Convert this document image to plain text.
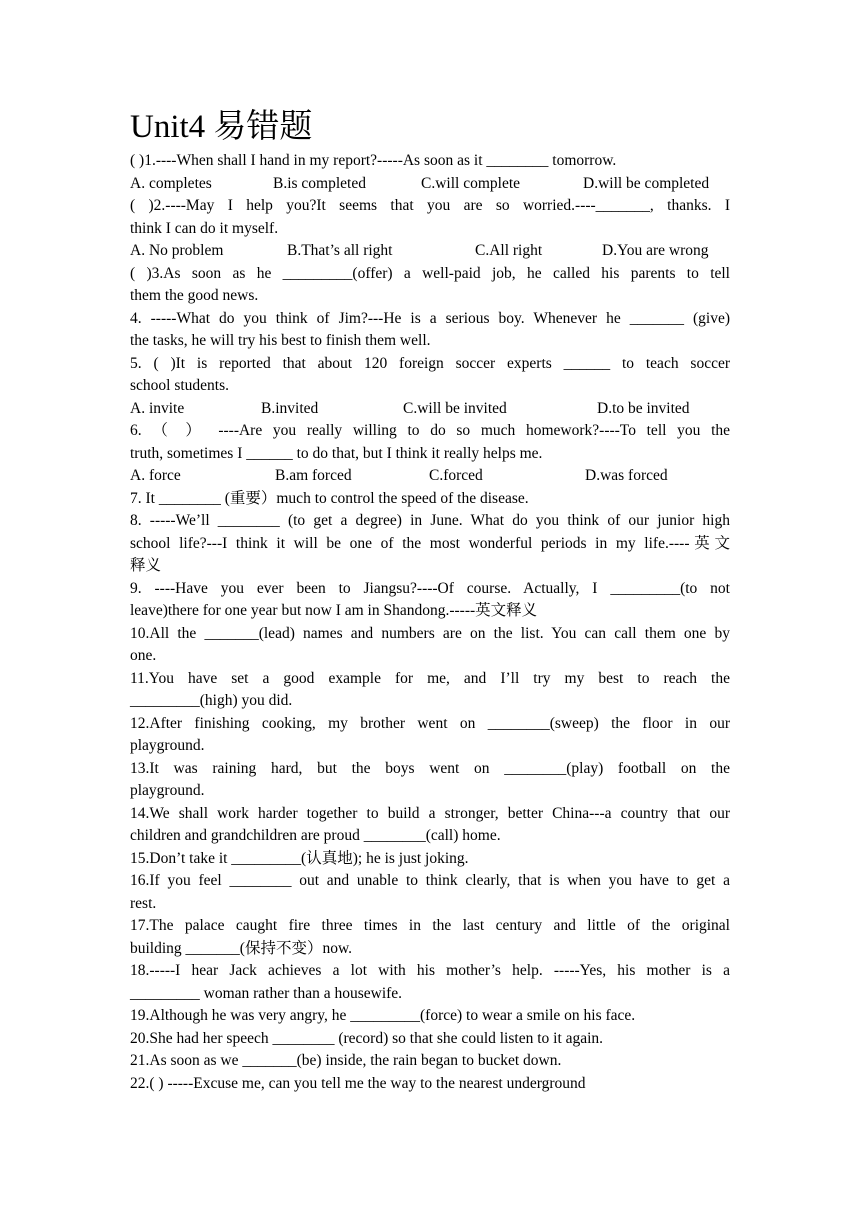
Unit4 易错题
( )1.----When shall I hand in my report?-----As soon as it ________ tomorrow.
A. completes	B.is completed	C.will complete	D.will be completed
( )2.----May I help you?It seems that you are so worried.----_______, thanks. I
think I can do it myself.
A. No problem	B.That’s all right	C.All right	D.You are wrong
( )3.As soon as he _________(offer) a well-paid job, he called his parents to tell
them the good news.
4. -----What do you think of Jim?---He is a serious boy. Whenever he _______ (give)
the tasks, he will try his best to finish them well.
5. ( )It is reported that about 120 foreign soccer experts ______ to teach soccer
school students.
A. invite	B.invited	C.will be invited	D.to be invited
6. （ ） ----Are you really willing to do so much homework?----To tell you the
truth, sometimes I ______ to do that, but I think it really helps me.
A. force	B.am forced	C.forced	D.was forced
7. It ________ (重要）much to control the speed of the disease.
8. -----We’ll ________ (to get a degree) in June. What do you think of our junior high
school life?---I think it will be one of the most wonderful periods in my life.----英文
释义
9. ----Have you ever been to Jiangsu?----Of course. Actually, I _________(to not
leave)there for one year but now I am in Shandong.-----英文释义
10.All the _______(lead) names and numbers are on the list. You can call them one by
one.
11.You have set a good example for me, and I’ll try my best to reach the
_________(high) you did.
12.After finishing cooking, my brother went on ________(sweep) the floor in our
playground.
13.It was raining hard, but the boys went on ________(play) football on the
playground.
14.We shall work harder together to build a stronger, better China---a country that our
children and grandchildren are proud ________(call) home.
15.Don’t take it _________(认真地); he is just joking.
16.If you feel ________ out and unable to think clearly, that is when you have to get a
rest.
17.The palace caught fire three times in the last century and little of the original
building _______(保持不变）now.
18.-----I hear Jack achieves a lot with his mother’s help. -----Yes, his mother is a
_________ woman rather than a housewife.
19.Although he was very angry, he _________(force) to wear a smile on his face.
20.She had her speech ________ (record) so that she could listen to it again.
21.As soon as we _______(be) inside, the rain began to bucket down.
22.( ) -----Excuse me, can you tell me the way to the nearest underground
